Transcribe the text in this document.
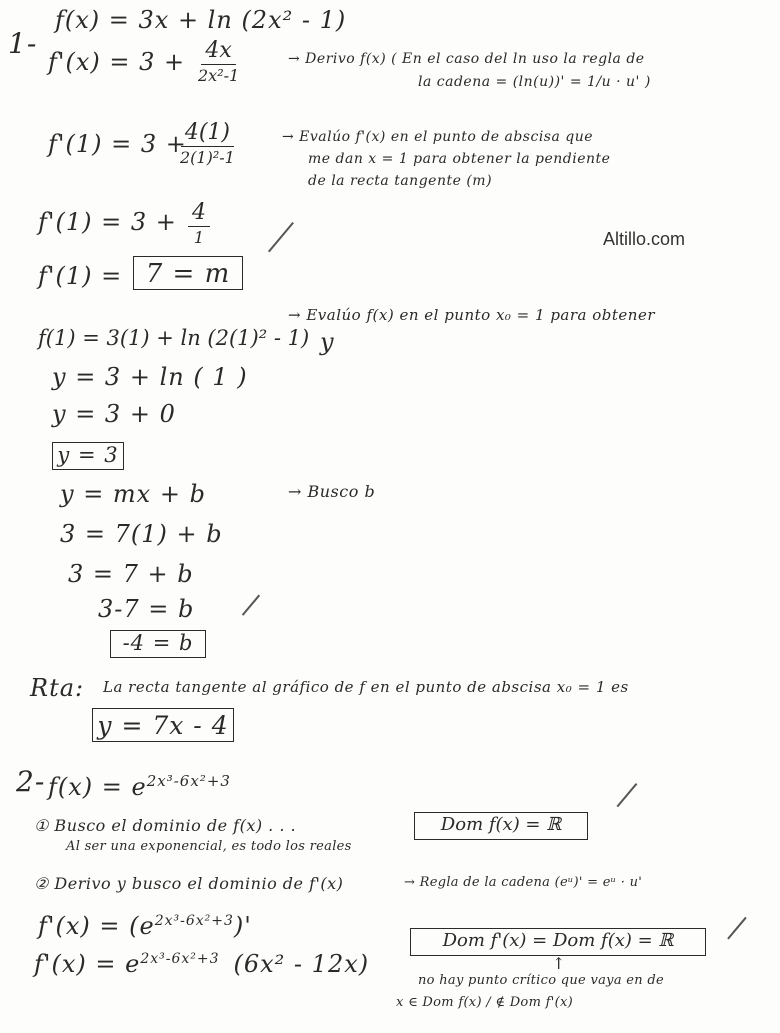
1-
f(x) = 3x + ln (2x² - 1)
f'(x) = 3 + 4x
2x²-1
→ Derivo f(x) ( En el caso del ln uso la regla de
la cadena = (ln(u))' = 1/u · u' )
f'(1) = 3 +
4(1)
2(1)²-1
→ Evalúo f'(x) en el punto de abscisa que
me dan x = 1 para obtener la pendiente
de la recta tangente (m)
f'(1) = 3 + 4
1	Altillo.com
f'(1) = 7 = m
f(1) = 3(1) + ln (2(1)² - 1)
→ Evalúo f(x) en el punto x₀ = 1 para obtener
y
y = 3 + ln ( 1 )
y = 3 + 0
y = 3
y = mx + b	→ Busco b
3 = 7(1) + b
3 = 7 + b
3-7 = b
-4 = b
Rta: La recta tangente al gráfico de f en el punto de abscisa x₀ = 1 es
y = 7x - 4
2- $f(x) = e^{2x^3-6x^2+3}$
① Busco el dominio de f(x) . . .	Dom f(x) = ℝ
Al ser una exponencial, es todo los reales
② Derivo y busco el dominio de f'(x)	→ Regla de la cadena (eᵘ)' = eᵘ · u'
$f'(x) = (e^{2x^3-6x^2+3})'$
Dom f'(x) = Dom f(x) = ℝ
$f'(x) = e^{2x^3-6x^2+3}$ (6x² - 12x)	↑
no hay punto crítico que vaya en de
x ∈ Dom f(x) / ∉ Dom f'(x)
